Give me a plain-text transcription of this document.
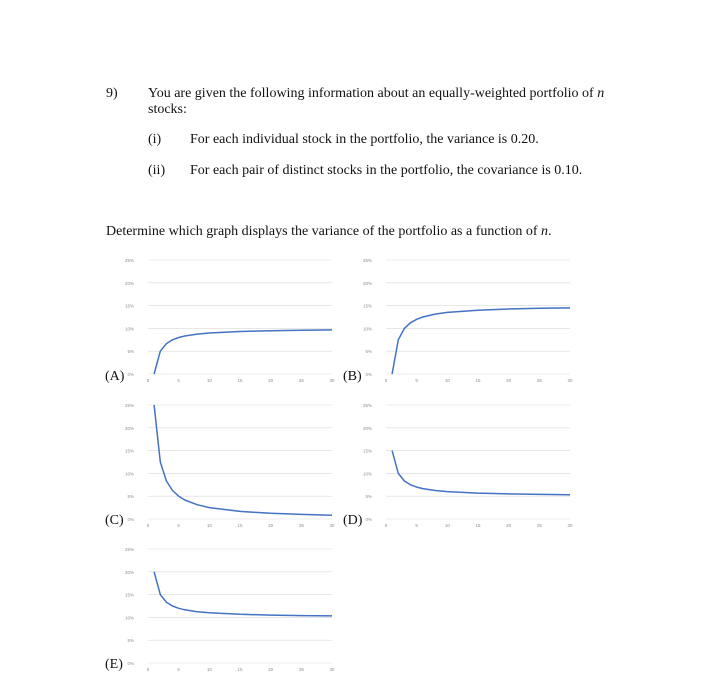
9) You are given the following information about an equally-weighted portfolio of n
stocks:
(i) For each individual stock in the portfolio, the variance is 0.20.
(ii) For each pair of distinct stocks in the portfolio, the covariance is 0.10.
Determine which graph displays the variance of the portfolio as a function of n.
(A)	(B)
(C)	(D)
(E)
0%
5%
10%
15%
20%
25%
0	5	10	15	20	25	30
0%
5%
10%
15%
20%
25%
0	5	10	15	20	25	30
0%
5%
10%
15%
20%
25%
0	5	10	15	20	25	30
0%
5%
10%
15%
20%
25%
0	5	10	15	20	25	30
0%
5%
10%
15%
20%
25%
0	5	10	15	20	25	30
